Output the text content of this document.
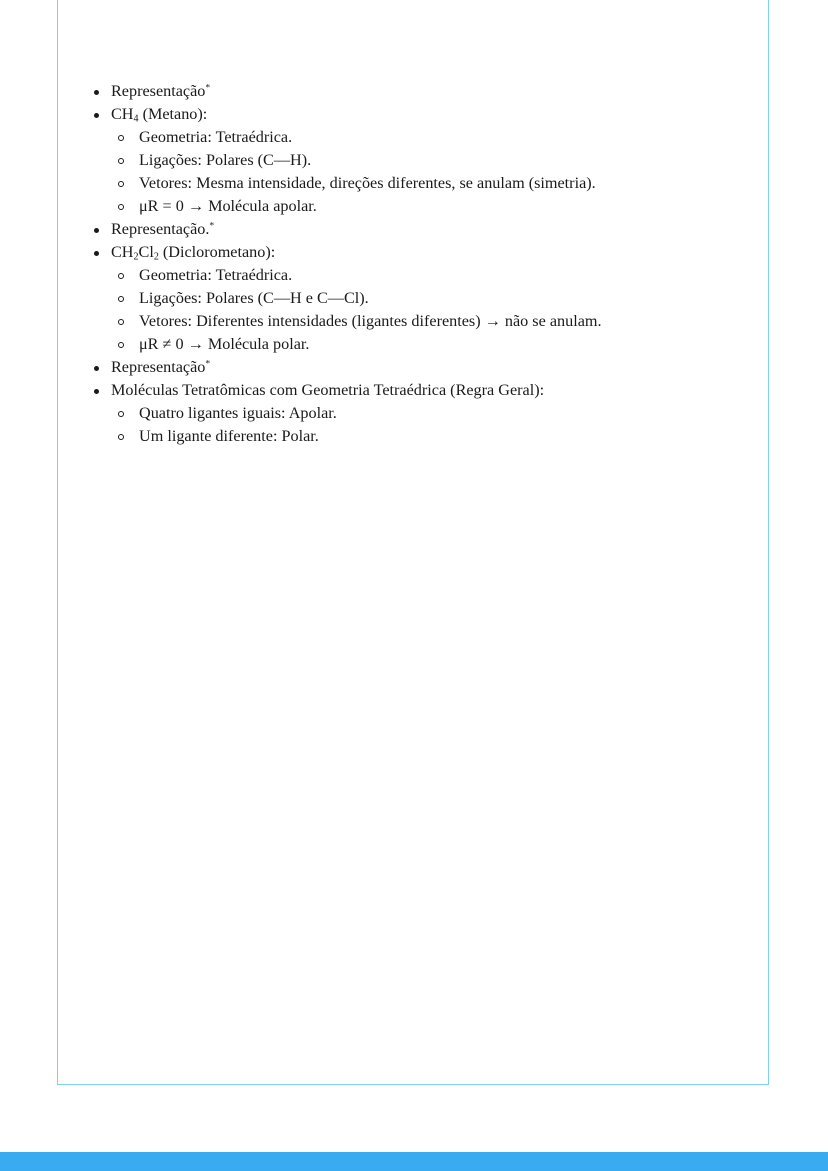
Representação*
$CH_4$ (Metano):
Geometria: Tetraédrica.
Ligações: Polares (C—H).
Vetores: Mesma intensidade, direções diferentes, se anulam (simetria).
μR = 0 → Molécula apolar.
Representação.*
$CH_2Cl_2$ (Diclorometano):
Geometria: Tetraédrica.
Ligações: Polares (C—H e C—Cl).
Vetores: Diferentes intensidades (ligantes diferentes) → não se anulam.
μR ≠ 0 → Molécula polar.
Representação*
Moléculas Tetratômicas com Geometria Tetraédrica (Regra Geral):
Quatro ligantes iguais: Apolar.
Um ligante diferente: Polar.
